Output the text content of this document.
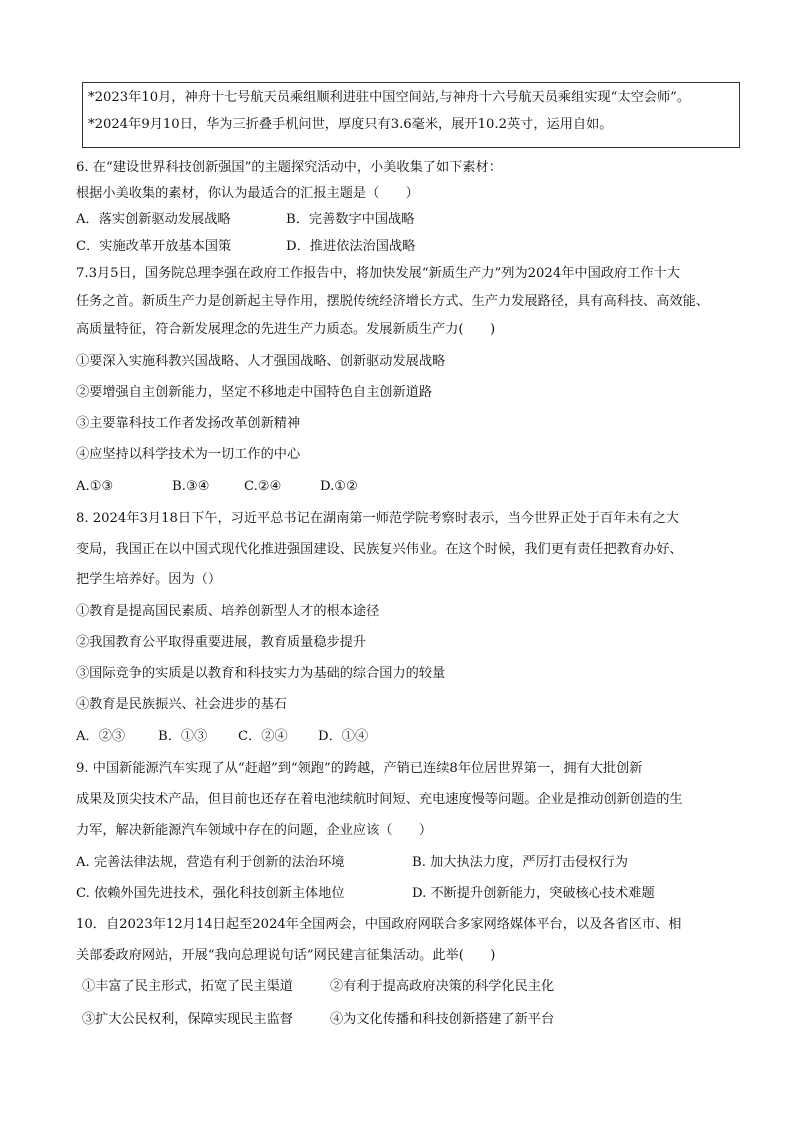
*2023年10月，神舟十七号航天员乘组顺利进驻中国空间站,与神舟十六号航天员乘组实现“太空会师”。
*2024年9月10日，华为三折叠手机问世，厚度只有3.6毫米，展开10.2英寸，运用自如。
6. 在“建设世界科技创新强国”的主题探究活动中，小美收集了如下素材：
根据小美收集的素材，你认为最适合的汇报主题是（　　）
A．落实创新驱动发展战略	B．完善数字中国战略
C．实施改革开放基本国策	D．推进依法治国战略
7.3月5日，国务院总理李强在政府工作报告中，将加快发展“新质生产力”列为2024年中国政府工作十大
任务之首。新质生产力是创新起主导作用，摆脱传统经济增长方式、生产力发展路径，具有高科技、高效能、
高质量特征，符合新发展理念的先进生产力质态。发展新质生产力(　　)
①要深入实施科教兴国战略、人才强国战略、创新驱动发展战略
②要增强自主创新能力，坚定不移地走中国特色自主创新道路
③主要靠科技工作者发扬改革创新精神
④应坚持以科学技术为一切工作的中心
A.①③	B.③④	C.②④	D.①②
8. 2024年3月18日下午，习近平总书记在湖南第一师范学院考察时表示，当今世界正处于百年未有之大
变局，我国正在以中国式现代化推进强国建设、民族复兴伟业。在这个时候，我们更有责任把教育办好、
把学生培养好。因为（）
①教育是提高国民素质、培养创新型人才的根本途径
②我国教育公平取得重要进展，教育质量稳步提升
③国际竞争的实质是以教育和科技实力为基础的综合国力的较量
④教育是民族振兴、社会进步的基石
A．②③ B．①③ C．②④ D．①④
9. 中国新能源汽车实现了从“赶超”到“领跑”的跨越，产销已连续8年位居世界第一，拥有大批创新
成果及顶尖技术产品，但目前也还存在着电池续航时间短、充电速度慢等问题。企业是推动创新创造的生
力军，解决新能源汽车领域中存在的问题，企业应该（　　）
A. 完善法律法规，营造有利于创新的法治环境	B. 加大执法力度，严厉打击侵权行为
C. 依赖外国先进技术，强化科技创新主体地位	D. 不断提升创新能力，突破核心技术难题
10．自2023年12月14日起至2024年全国两会，中国政府网联合多家网络媒体平台，以及各省区市、相
关部委政府网站，开展“我向总理说句话”网民建言征集活动。此举(　　)
①丰富了民主形式，拓宽了民主渠道	②有利于提高政府决策的科学化民主化
③扩大公民权利，保障实现民主监督	④为文化传播和科技创新搭建了新平台
